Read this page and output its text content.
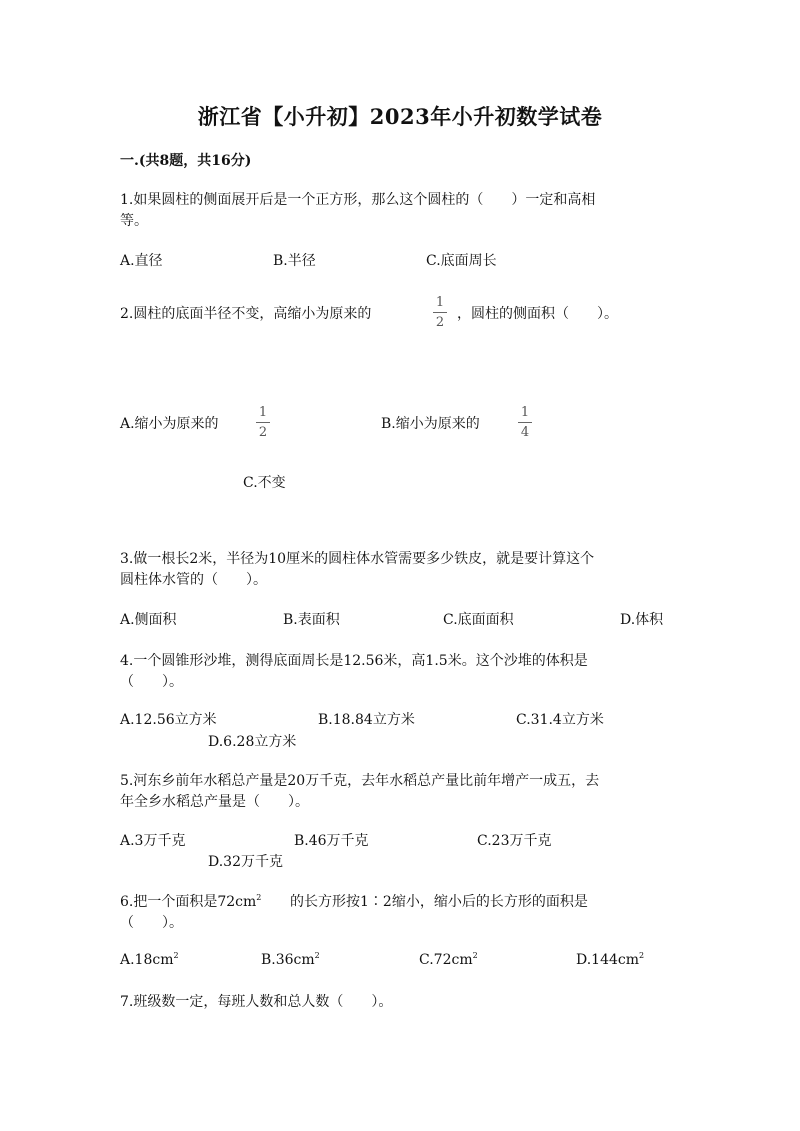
浙江省【小升初】2023年小升初数学试卷
一.(共8题，共16分)
1.如果圆柱的侧面展开后是一个正方形，那么这个圆柱的（　　）一定和高相
等。
A.直径	B.半径	C.底面周长
2.圆柱的底面半径不变，高缩小为原来的
1
2
，圆柱的侧面积（　　）。
A.缩小为原来的
1
2
B.缩小为原来的
1
4
C.不变
3.做一根长2米，半径为10厘米的圆柱体水管需要多少铁皮，就是要计算这个
圆柱体水管的（　　）。
A.侧面积	B.表面积	C.底面面积	D.体积
4.一个圆锥形沙堆，测得底面周长是12.56米，高1.5米。这个沙堆的体积是
（　　）。
A.12.56立方米	B.18.84立方米	C.31.4立方米
D.6.28立方米
5.河东乡前年水稻总产量是20万千克，去年水稻总产量比前年增产一成五，去
年全乡水稻总产量是（　　）。
A.3万千克	B.46万千克	C.23万千克
D.32万千克
6.把一个面积是$72cm^2$ 的长方形按1∶2缩小，缩小后的长方形的面积是
（　　）。
$A.18cm^2$	$B.36cm^2$	$C.72cm^2$	$D.144cm^2$
7.班级数一定，每班人数和总人数（　　）。
